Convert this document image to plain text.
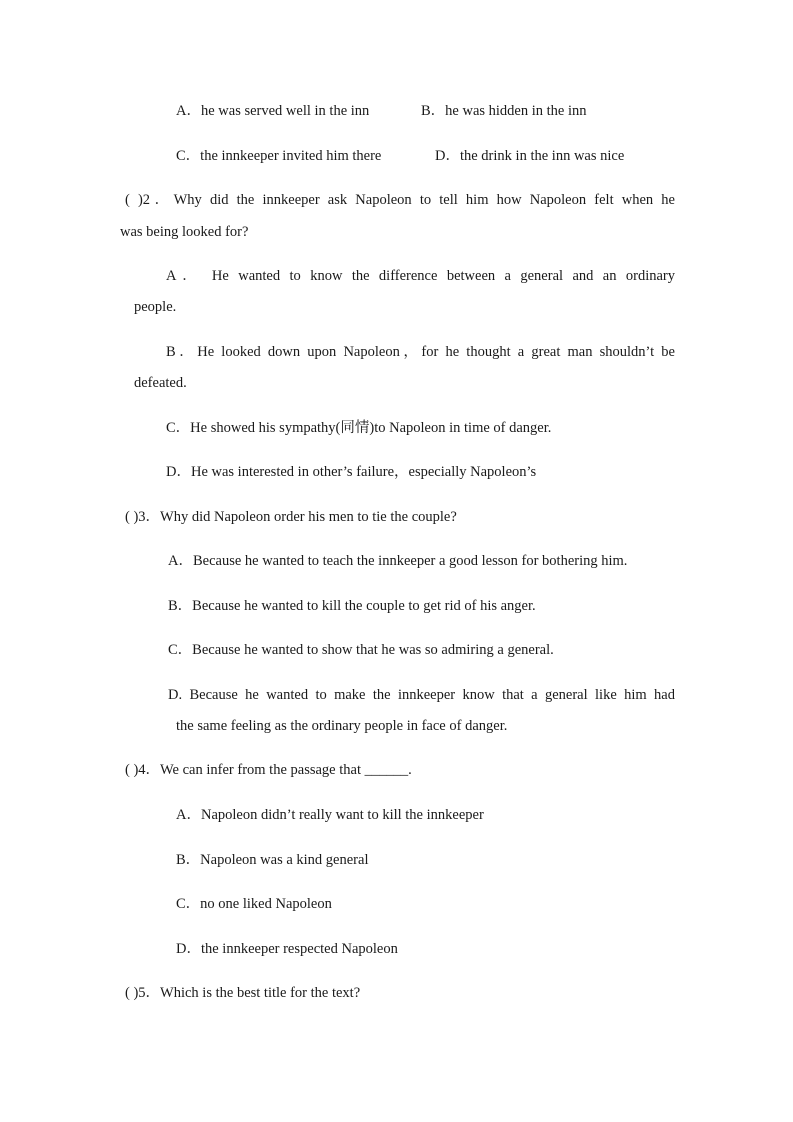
A．he was served well in the inn	B．he was hidden in the inn
C．the innkeeper invited him there	D．the drink in the inn was nice
( )2．Why did the innkeeper ask Napoleon to tell him how Napoleon felt when he
was being looked for?
A． He wanted to know the difference between a general and an ordinary
people.
B．He looked down upon Napoleon，for he thought a great man shouldn’t be
defeated.
C．He showed his sympathy(同情)to Napoleon in time of danger.
D．He was interested in other’s failure，especially Napoleon’s
( )3．Why did Napoleon order his men to tie the couple?
A．Because he wanted to teach the innkeeper a good lesson for bothering him.
B．Because he wanted to kill the couple to get rid of his anger.
C．Because he wanted to show that he was so admiring a general.
D. Because he wanted to make the innkeeper know that a general like him had
the same feeling as the ordinary people in face of danger.
( )4．We can infer from the passage that ______.
A．Napoleon didn’t really want to kill the innkeeper
B．Napoleon was a kind general
C．no one liked Napoleon
D．the innkeeper respected Napoleon
( )5．Which is the best title for the text?
